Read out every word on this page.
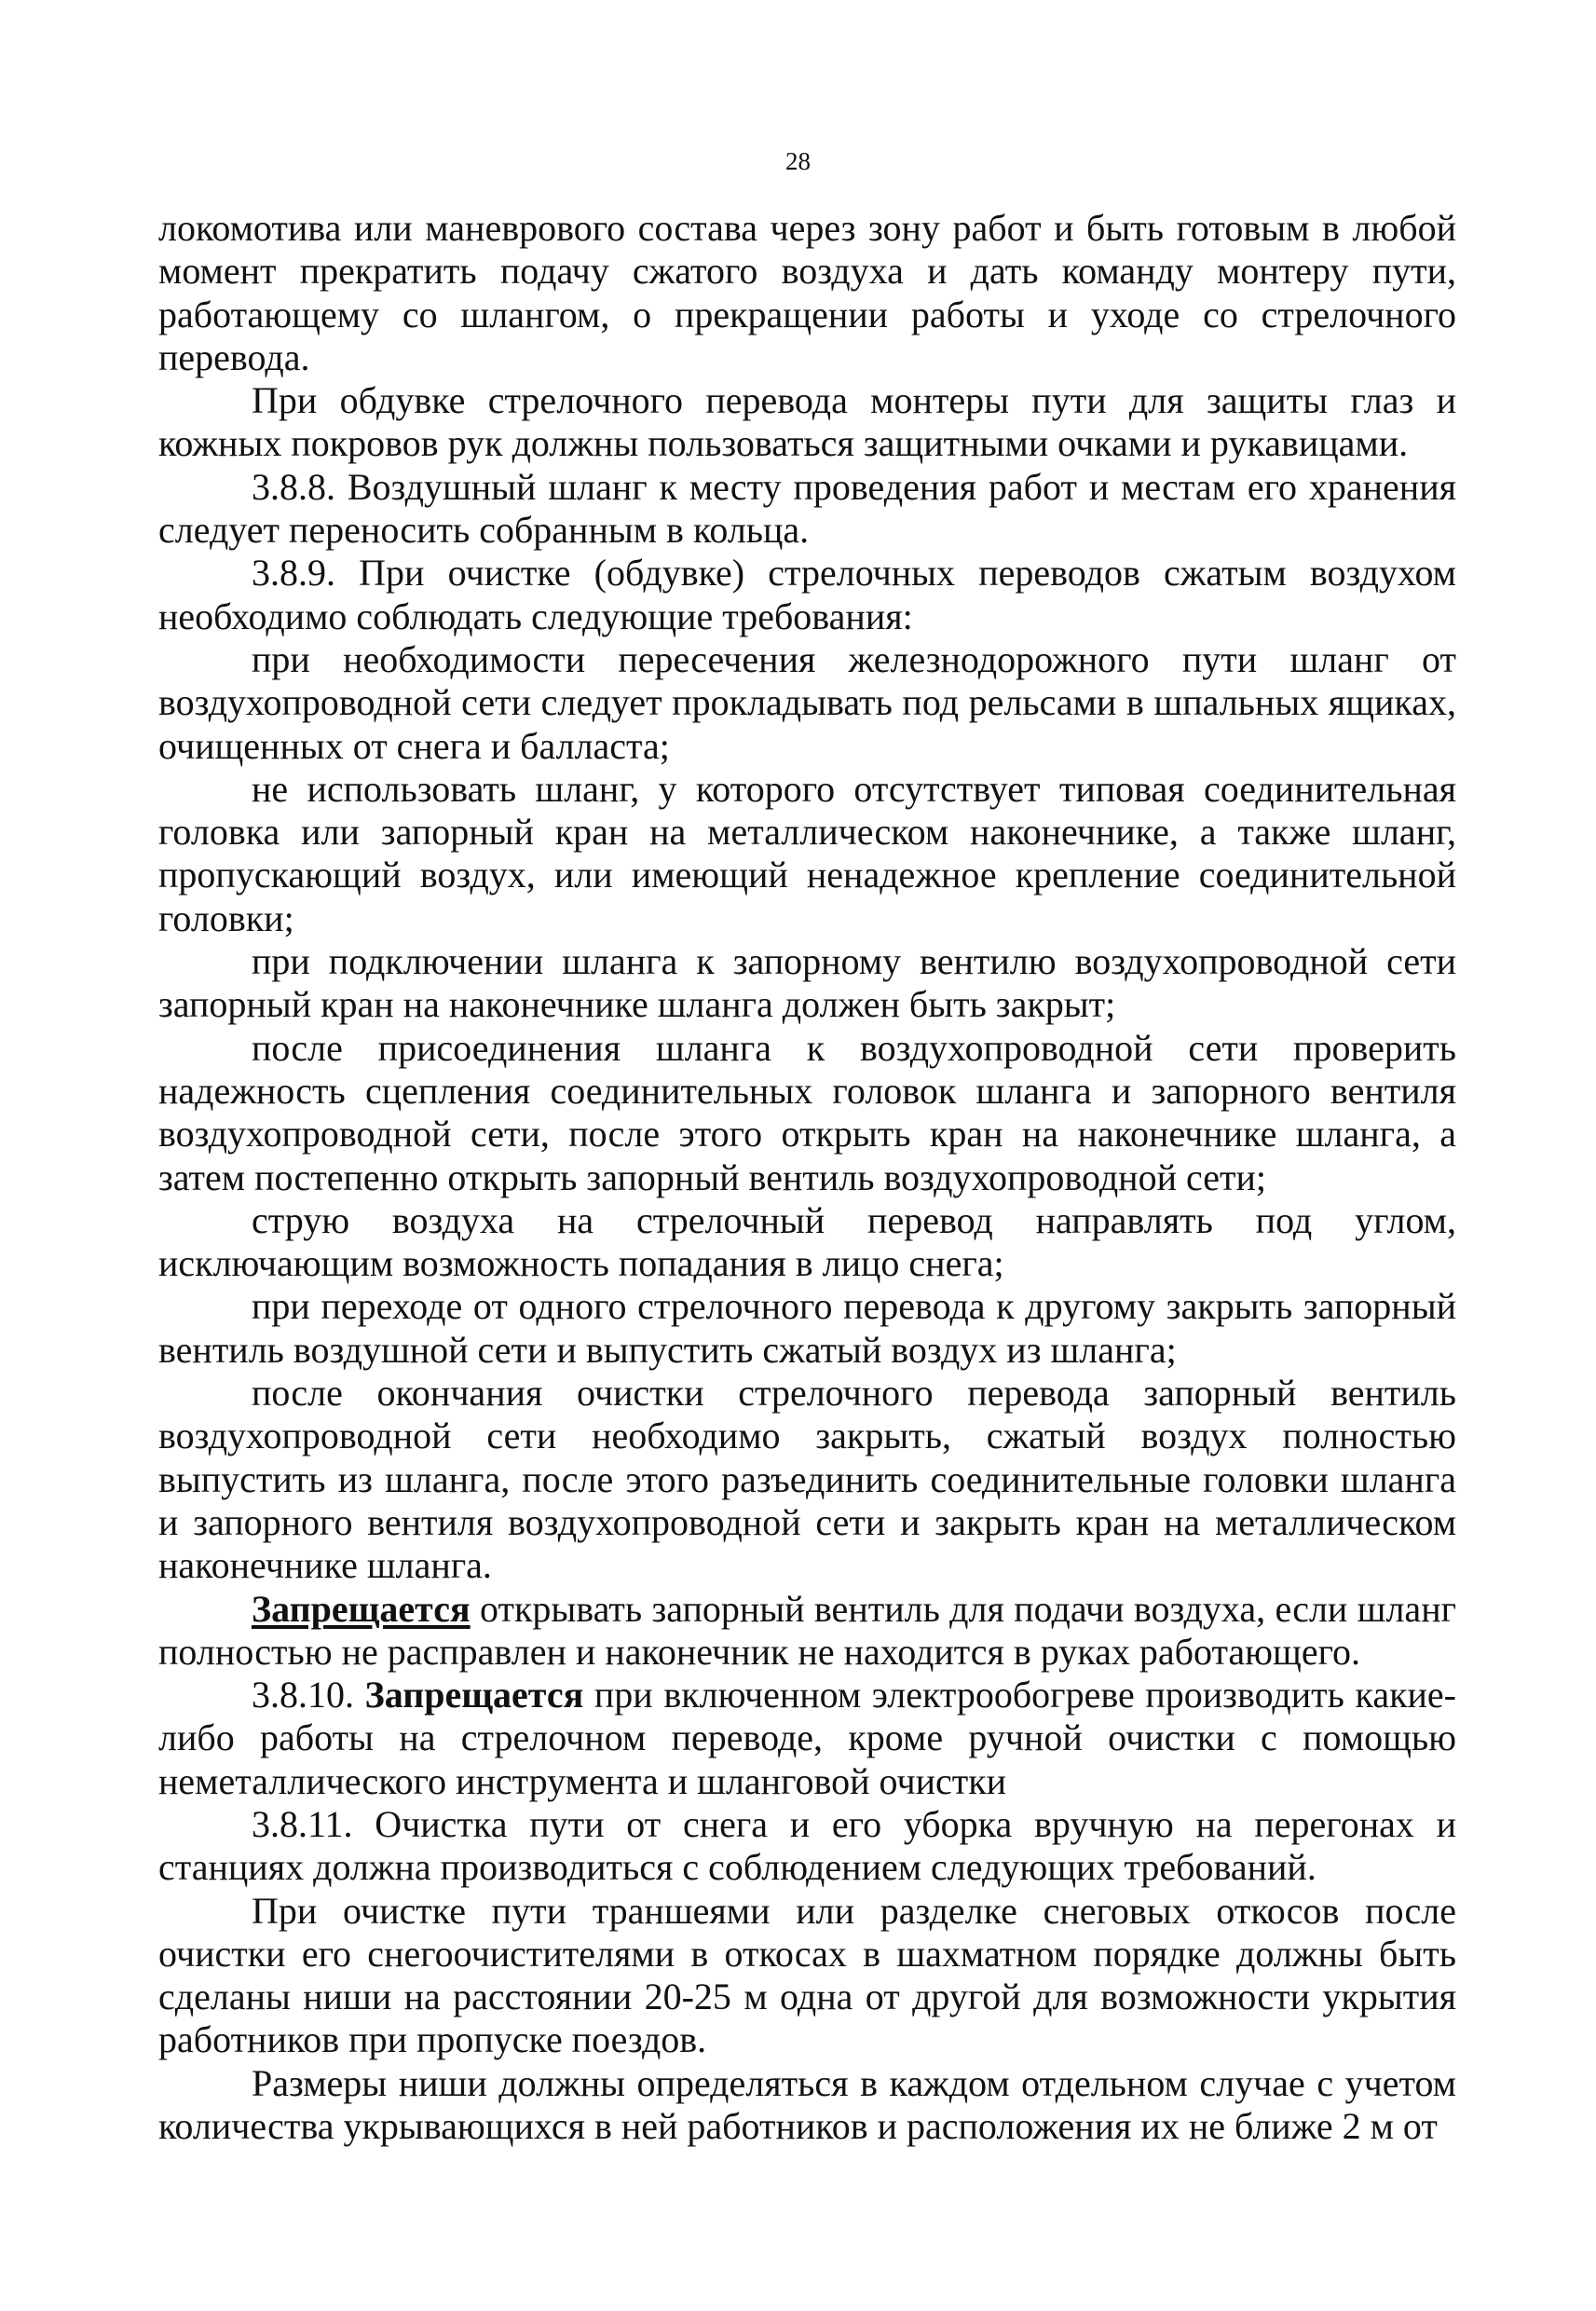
28

локомотива или маневрового состава через зону работ и быть готовым в любой момент прекратить подачу сжатого воздуха и дать команду монтеру пути, работающему со шлангом, о прекращении работы и уходе со стрелочного перевода.

При обдувке стрелочного перевода монтеры пути для защиты глаз и кожных покровов рук должны пользоваться защитными очками и рукавицами.

3.8.8. Воздушный шланг к месту проведения работ и местам его хранения следует переносить собранным в кольца.

3.8.9. При очистке (обдувке) стрелочных переводов сжатым воздухом необходимо соблюдать следующие требования:

при необходимости пересечения железнодорожного пути шланг от воздухопроводной сети следует прокладывать под рельсами в шпальных ящиках, очищенных от снега и балласта;

не использовать шланг, у которого отсутствует типовая соединительная головка или запорный кран на металлическом наконечнике, а также шланг, пропускающий воздух, или имеющий ненадежное крепление соединительной головки;

при подключении шланга к запорному вентилю воздухопроводной сети запорный кран на наконечнике шланга должен быть закрыт;

после присоединения шланга к воздухопроводной сети проверить надежность сцепления соединительных головок шланга и запорного вентиля воздухопроводной сети, после этого открыть кран на наконечнике шланга, а затем постепенно открыть запорный вентиль воздухопроводной сети;

струю воздуха на стрелочный перевод направлять под углом, исключающим возможность попадания в лицо снега;

при переходе от одного стрелочного перевода к другому закрыть запорный вентиль воздушной сети и выпустить сжатый воздух из шланга;

после окончания очистки стрелочного перевода запорный вентиль воздухопроводной сети необходимо закрыть, сжатый воздух полностью выпустить из шланга, после этого разъединить соединительные головки шланга и запорного вентиля воздухопроводной сети и закрыть кран на металлическом наконечнике шланга.

Запрещается открывать запорный вентиль для подачи воздуха, если шланг полностью не расправлен и наконечник не находится в руках работающего.

3.8.10. Запрещается при включенном электрообогреве производить какие-либо работы на стрелочном переводе, кроме ручной очистки с помощью неметаллического инструмента и шланговой очистки

3.8.11. Очистка пути от снега и его уборка вручную на перегонах и станциях должна производиться с соблюдением следующих требований.

При очистке пути траншеями или разделке снеговых откосов после очистки его снегоочистителями в откосах в шахматном порядке должны быть сделаны ниши на расстоянии 20-25 м одна от другой для возможности укрытия работников при пропуске поездов.

Размеры ниши должны определяться в каждом отдельном случае с учетом количества укрывающихся в ней работников и расположения их не ближе 2 м от
